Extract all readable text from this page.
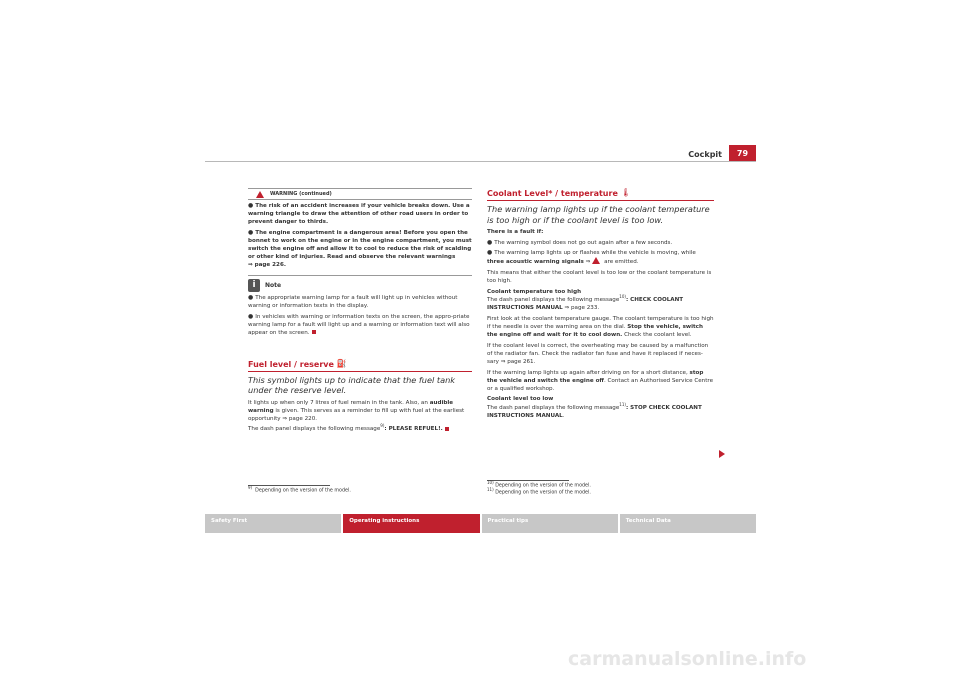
Cockpit	79
WARNING (continued)

● The risk of an accident increases if your vehicle breaks down. Use a warning triangle to draw the attention of other road users in order to prevent danger to thirds.

● The engine compartment is a dangerous area! Before you open the bonnet to work on the engine or in the engine compartment, you must switch the engine off and allow it to cool to reduce the risk of scalding or other kind of injuries. Read and observe the relevant warnings
⇒ page 226.

i	Note

● The appropriate warning lamp for a fault will light up in vehicles without warning or information texts in the display.

● In vehicles with warning or information texts on the screen, the appro-priate warning lamp for a fault will light up and a warning or information text will also appear on the screen.

Fuel level / reserve ⛽

This symbol lights up to indicate that the fuel tank under the reserve level.

It lights up when only 7 litres of fuel remain in the tank. Also, an audible warning is given. This serves as a reminder to fill up with fuel at the earliest opportunity ⇒ page 220.

The dash panel displays the following message$^{9)}$: PLEASE REFUEL!.

$^{9)}$  Depending on the version of the model.
Coolant Level* / temperature 🌡

The warning lamp lights up if the coolant temperature is too high or if the coolant level is too low.

There is a fault if:

● The warning symbol does not go out again after a few seconds.

● The warning lamp lights up or flashes while the vehicle is moving, while three acoustic warning signals ⇒ are emitted.

This means that either the coolant level is too low or the coolant temperature is too high.

Coolant temperature too high

The dash panel displays the following message$^{10)}$: CHECK COOLANT INSTRUCTIONS MANUAL ⇒ page 233.

First look at the coolant temperature gauge. The coolant temperature is too high if the needle is over the warning area on the dial. Stop the vehicle, switch the engine off and wait for it to cool down. Check the coolant level.

If the coolant level is correct, the overheating may be caused by a malfunction of the radiator fan. Check the radiator fan fuse and have it replaced if neces-sary ⇒ page 261.

If the warning lamp lights up again after driving on for a short distance, stop the vehicle and switch the engine off. Contact an Authorised Service Centre or a qualified workshop.

Coolant level too low

The dash panel displays the following message$^{11)}$: STOP CHECK COOLANT INSTRUCTIONS MANUAL.

$^{10)}$ Depending on the version of the model.
$^{11)}$ Depending on the version of the model.
Safety First	Operating instructions	Practical tips	Technical Data
carmanualsonline.info
